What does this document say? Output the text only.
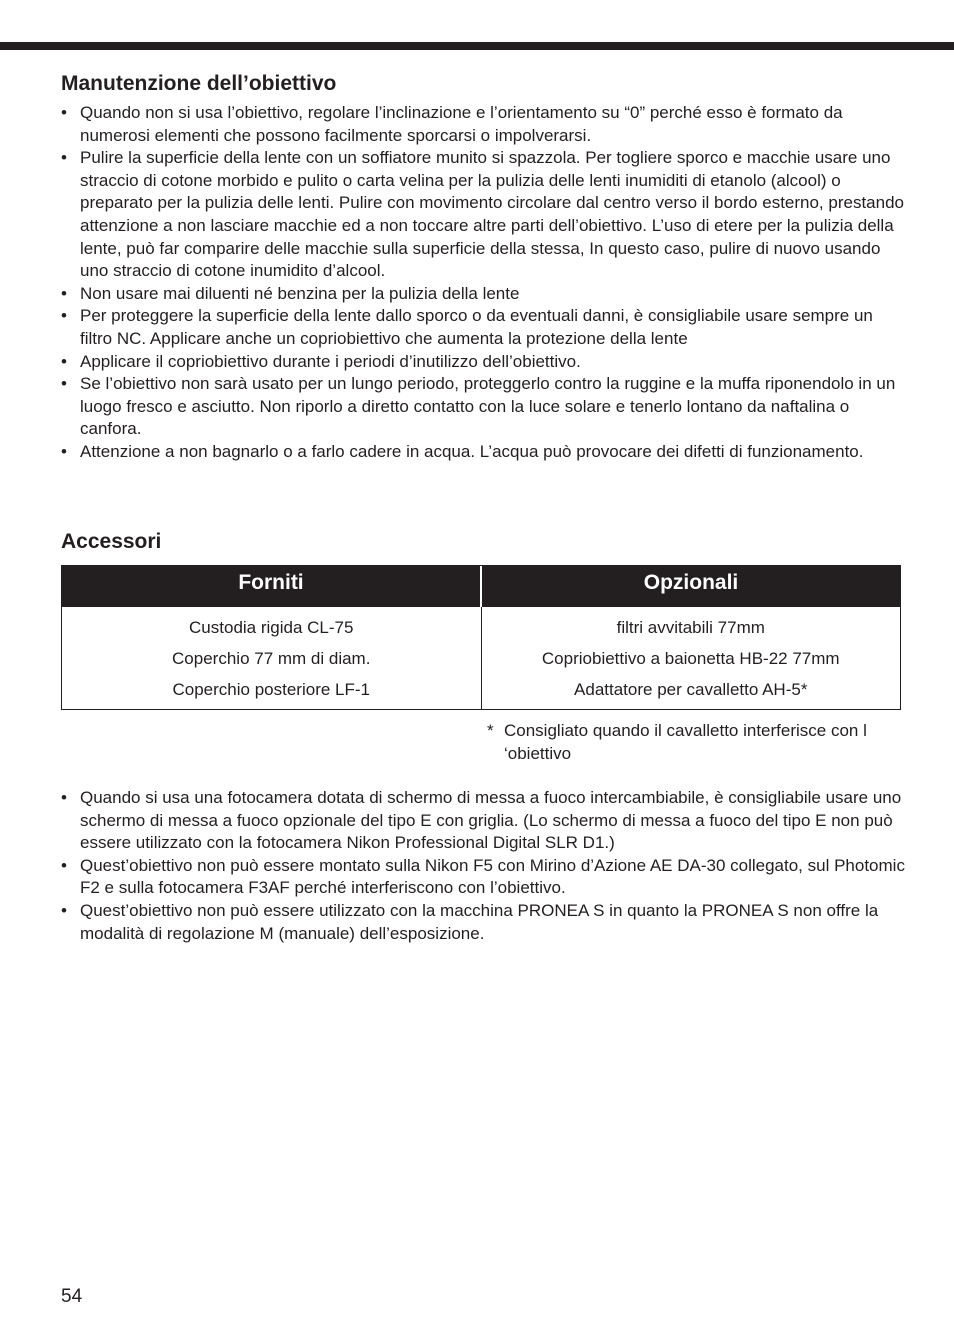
Manutenzione dell’obiettivo
• Quando non si usa l’obiettivo, regolare l’inclinazione e l’orientamento su “0” perché esso è formato da numerosi elementi che possono facilmente sporcarsi o impolverarsi.
• Pulire la superficie della lente con un soffiatore munito si spazzola. Per togliere sporco e macchie usare uno straccio di cotone morbido e pulito o carta velina per la pulizia delle lenti inumiditi di etanolo (alcool) o preparato per la pulizia delle lenti. Pulire con movimento circolare dal centro verso il bordo esterno, prestando attenzione a non lasciare macchie ed a non toccare altre parti dell’obiettivo. L’uso di etere per la pulizia della lente, può far comparire delle macchie sulla superficie della stessa, In questo caso, pulire di nuovo usando uno straccio di cotone inumidito d’alcool.
• Non usare mai diluenti né benzina per la pulizia della lente
• Per proteggere la superficie della lente dallo sporco o da eventuali danni, è consigliabile usare sempre un filtro NC. Applicare anche un copriobiettivo che aumenta la protezione della lente
• Applicare il copriobiettivo durante i periodi d’inutilizzo dell’obiettivo.
• Se l’obiettivo non sarà usato per un lungo periodo, proteggerlo contro la ruggine e la muffa riponendolo in un luogo fresco e asciutto. Non riporlo a diretto contatto con la luce solare e tenerlo lontano da naftalina o canfora.
• Attenzione a non bagnarlo o a farlo cadere in acqua. L’acqua può provocare dei difetti di funzionamento.
Accessori
Forniti	Opzionali
Custodia rigida CL-75
Coperchio 77 mm di diam.
Coperchio posteriore LF-1
filtri avvitabili 77mm
Copriobiettivo a baionetta HB-22 77mm
Adattatore per cavalletto AH-5*
* Consigliato quando il cavalletto interferisce con l ‘obiettivo
• Quando si usa una fotocamera dotata di schermo di messa a fuoco intercambiabile, è consigliabile usare uno schermo di messa a fuoco opzionale del tipo E con griglia. (Lo schermo di messa a fuoco del tipo E non può essere utilizzato con la fotocamera Nikon Professional Digital SLR D1.)
• Quest’obiettivo non può essere montato sulla Nikon F5 con Mirino d’Azione AE DA-30 collegato, sul Photomic F2 e sulla fotocamera F3AF perché interferiscono con l’obiettivo.
• Quest’obiettivo non può essere utilizzato con la macchina PRONEA S in quanto la PRONEA S non offre la modalità di regolazione M (manuale) dell’esposizione.
54
